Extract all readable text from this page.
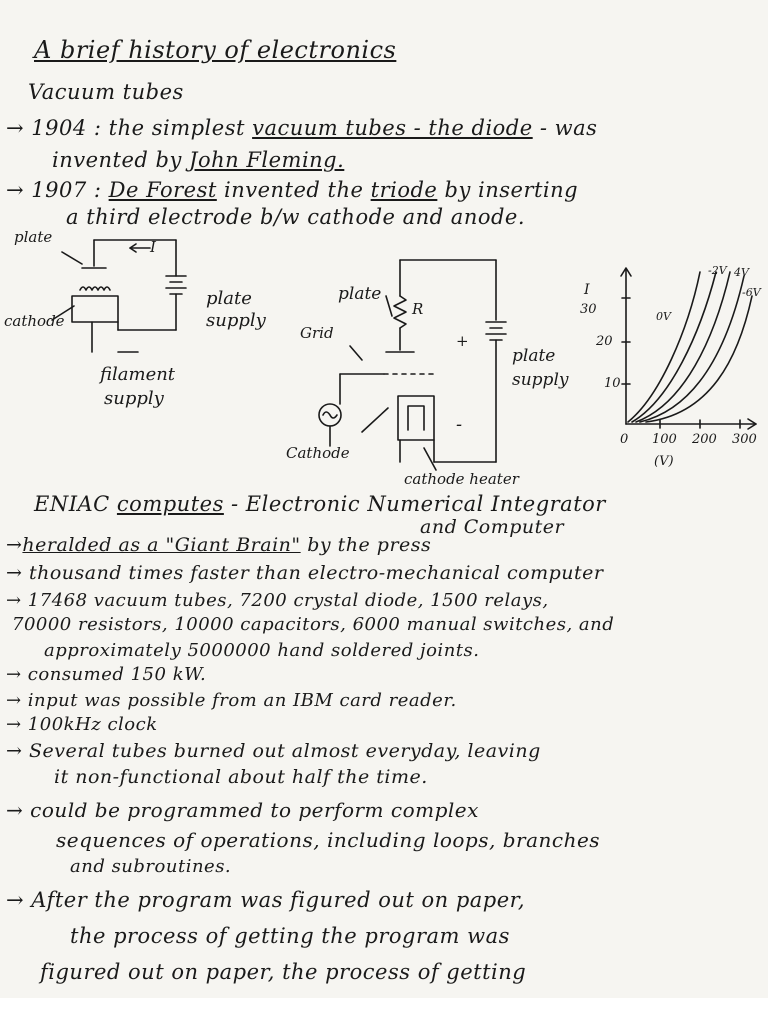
A brief history of electronics
Vacuum tubes
→ 1904 : the simplest vacuum tubes - the diode - was
invented by John Fleming.
→ 1907 : De Forest invented the triode by inserting
a third electrode b/w cathode and anode.
plate
I
cathode
plate
supply
filament
supply
plate
R
Grid	+
-
plate
supply
Cathode
cathode heater
I
30
20
10
0 100 200 300
(V)
-2V 4V
-6V
0V
ENIAC computes - Electronic Numerical Integrator
and Computer
→heralded as a "Giant Brain" by the press
→ thousand times faster than electro-mechanical computer
→ 17468 vacuum tubes, 7200 crystal diode, 1500 relays,
70000 resistors, 10000 capacitors, 6000 manual switches, and
approximately 5000000 hand soldered joints.
→ consumed 150 kW.
→ input was possible from an IBM card reader.
→ 100kHz clock
→ Several tubes burned out almost everyday, leaving
it non-functional about half the time.
→ could be programmed to perform complex
sequences of operations, including loops, branches
and subroutines.
→ After the program was figured out on paper,
the process of getting the program was
figured out on paper, the process of getting
